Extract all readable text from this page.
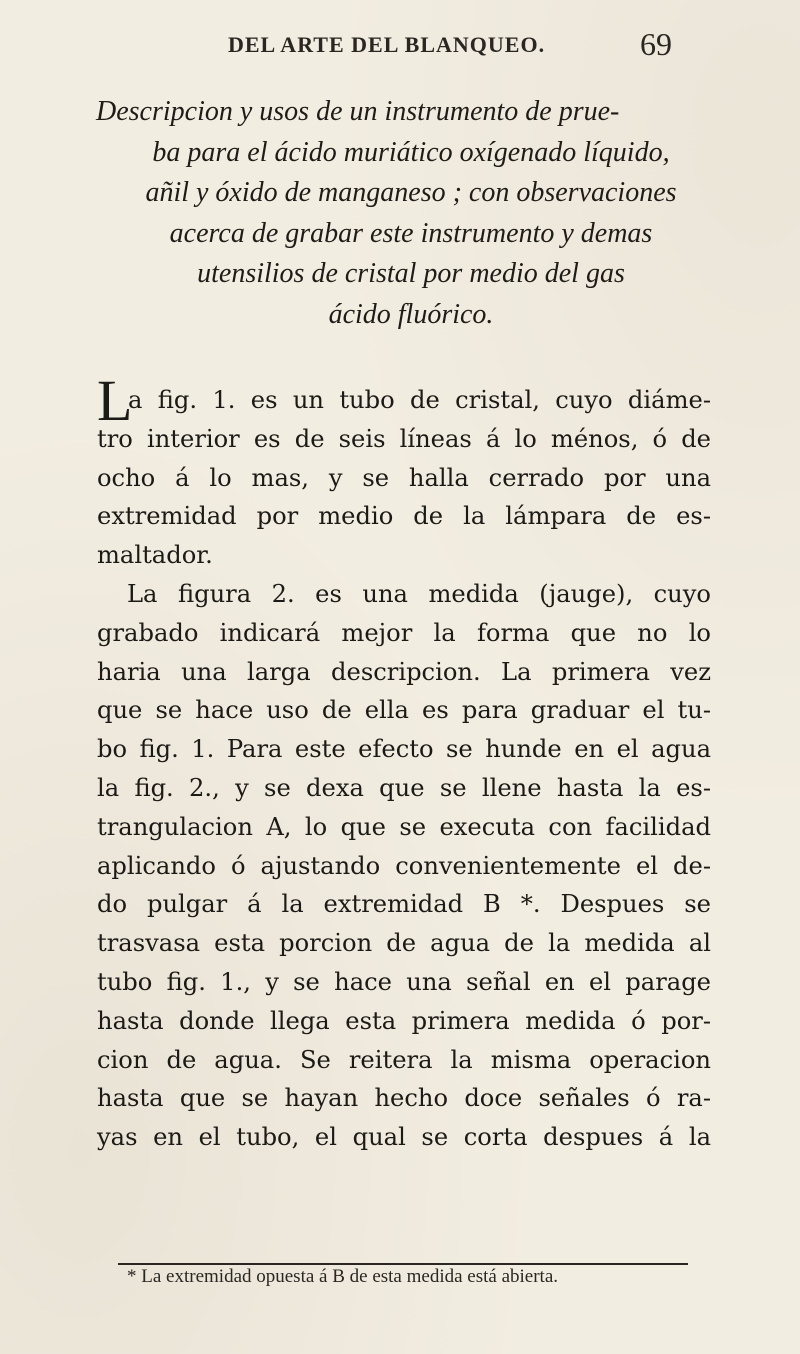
DEL ARTE DEL BLANQUEO.	69
Descripcion y usos de un instrumento de prue-
ba para el ácido muriático oxígenado líquido,
añil y óxido de manganeso ; con observaciones
acerca de grabar este instrumento y demas
utensilios de cristal por medio del gas
ácido fluórico.
L
a fig. 1. es un tubo de cristal, cuyo diáme-
tro interior es de seis líneas á lo ménos, ó de
ocho á lo mas, y se halla cerrado por una
extremidad por medio de la lámpara de es-
maltador.
La figura 2. es una medida (jauge), cuyo
grabado indicará mejor la forma que no lo
haria una larga descripcion. La primera vez
que se hace uso de ella es para graduar el tu-
bo fig. 1. Para este efecto se hunde en el agua
la fig. 2., y se dexa que se llene hasta la es-
trangulacion A, lo que se executa con facilidad
aplicando ó ajustando convenientemente el de-
do pulgar á la extremidad B *. Despues se
trasvasa esta porcion de agua de la medida al
tubo fig. 1., y se hace una señal en el parage
hasta donde llega esta primera medida ó por-
cion de agua. Se reitera la misma operacion
hasta que se hayan hecho doce señales ó ra-
yas en el tubo, el qual se corta despues á la
* La extremidad opuesta á B de esta medida está abierta.
